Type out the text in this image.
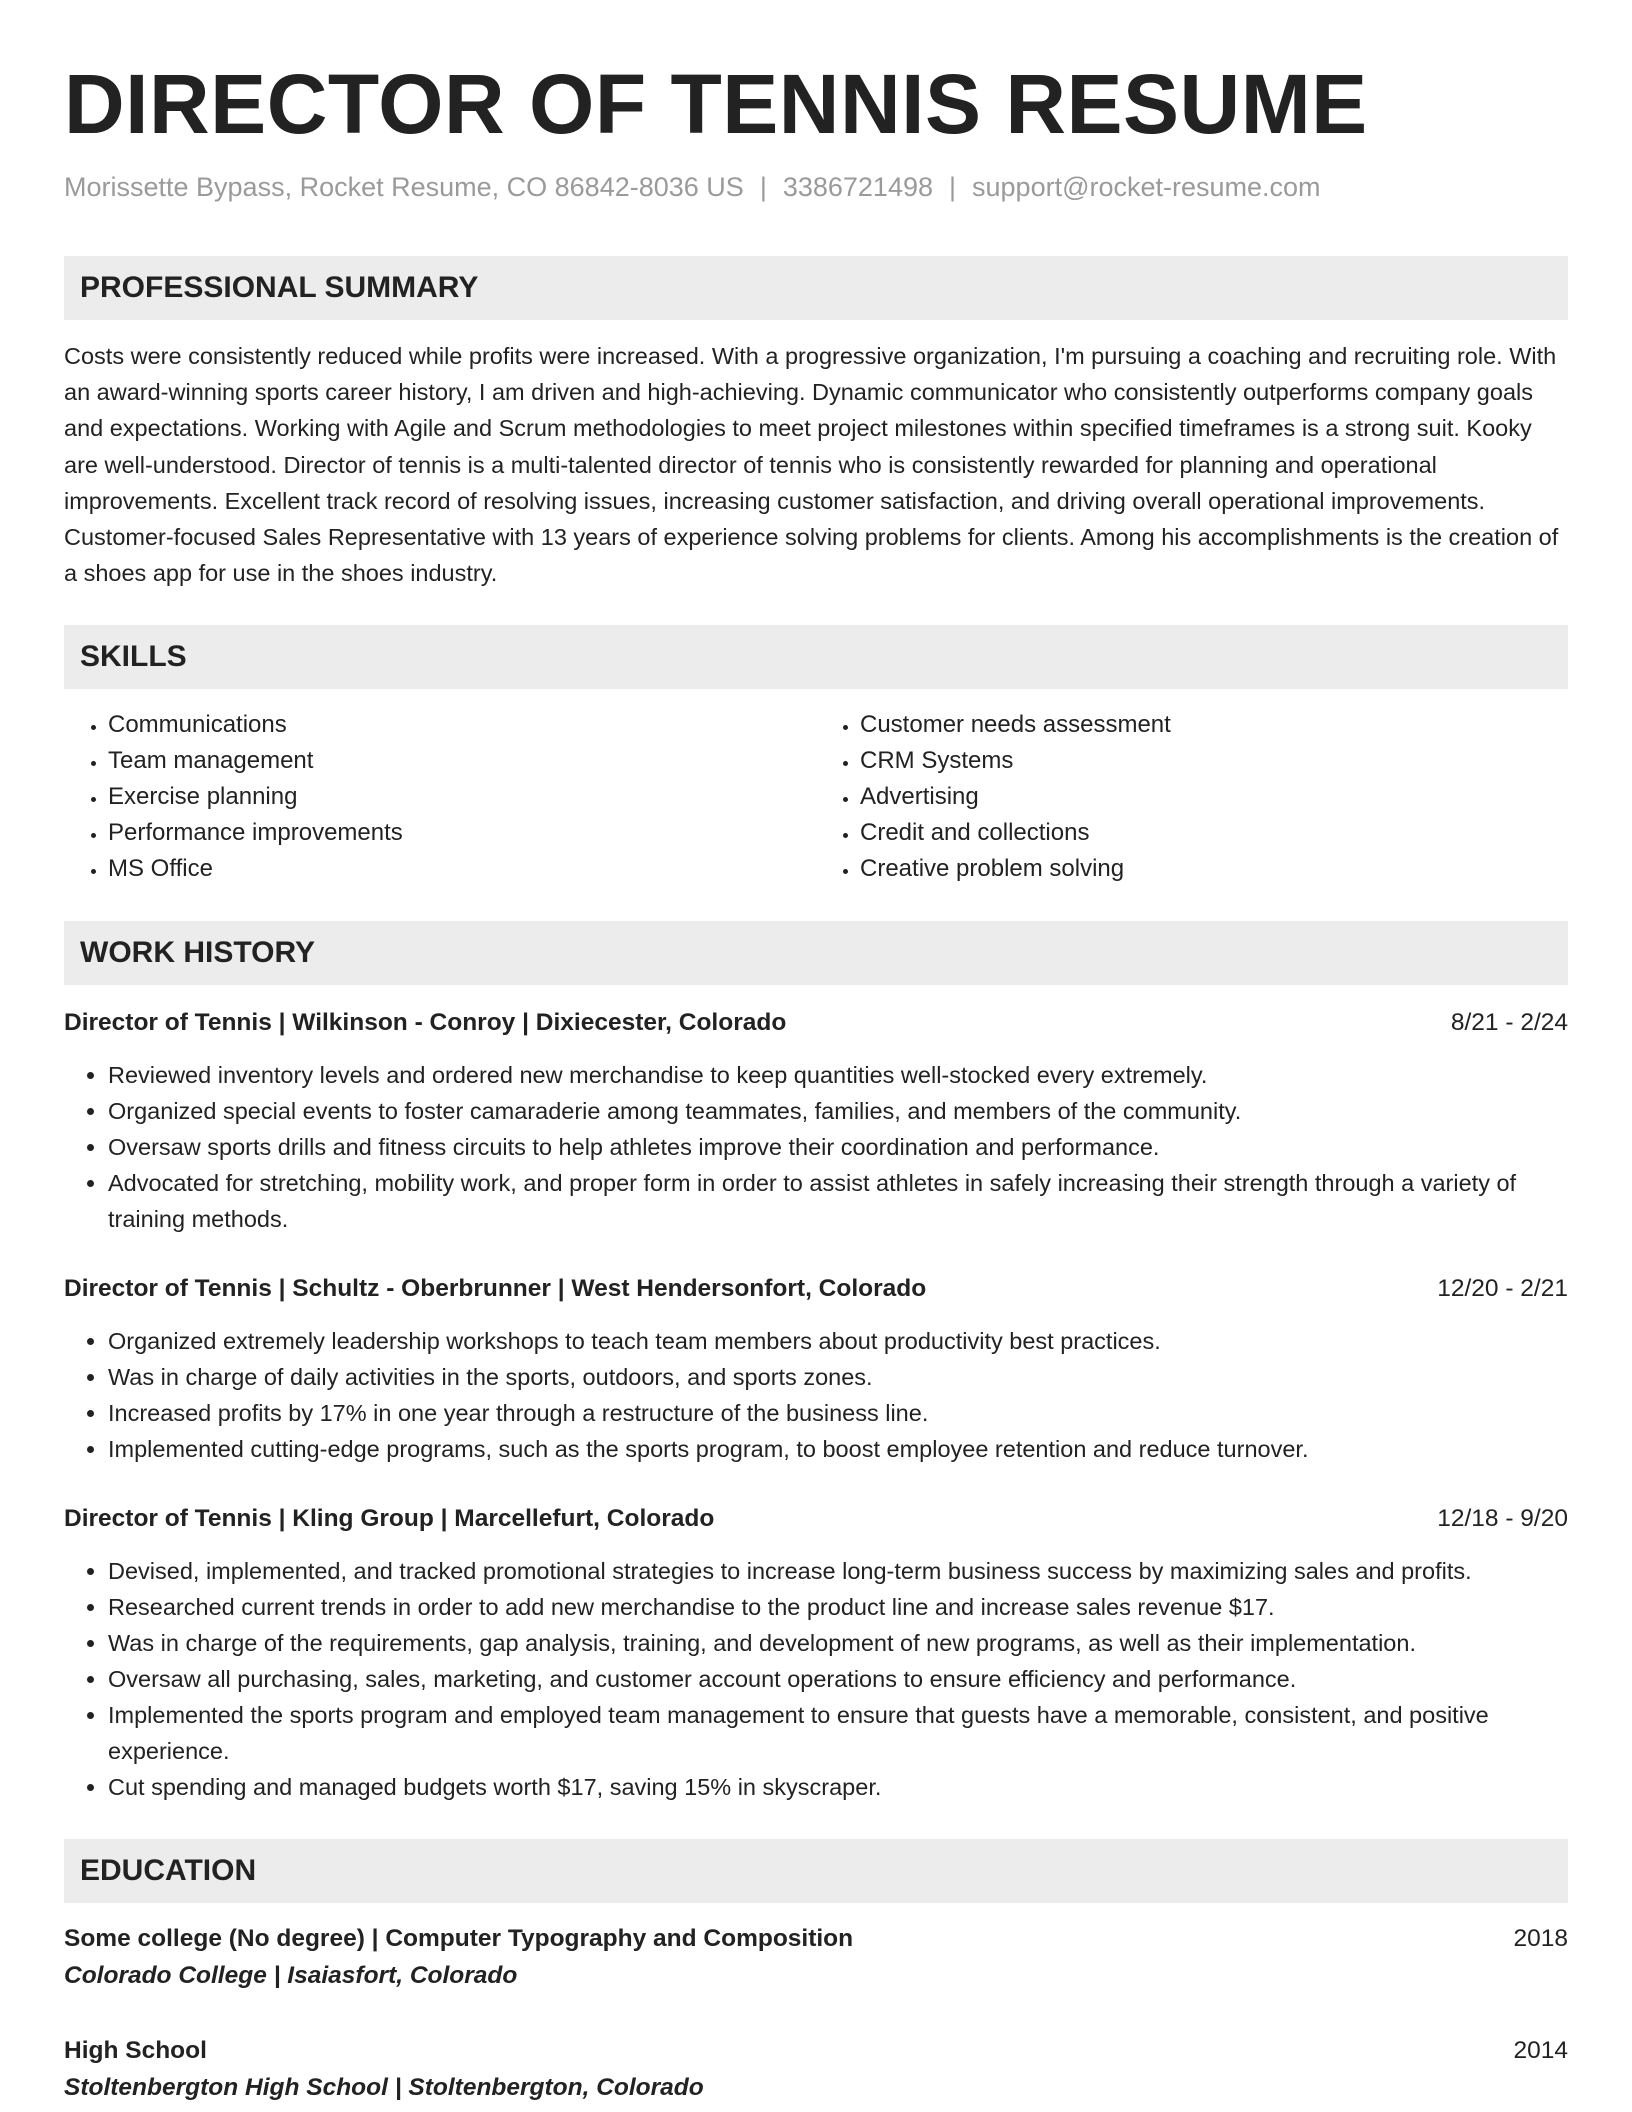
DIRECTOR OF TENNIS RESUME
Morissette Bypass, Rocket Resume, CO 86842-8036 US | 3386721498 | support@rocket-resume.com
PROFESSIONAL SUMMARY

Costs were consistently reduced while profits were increased. With a progressive organization, I'm pursuing a coaching and recruiting role. With an award-winning sports career history, I am driven and high-achieving. Dynamic communicator who consistently outperforms company goals and expectations. Working with Agile and Scrum methodologies to meet project milestones within specified timeframes is a strong suit. Kooky are well-understood. Director of tennis is a multi-talented director of tennis who is consistently rewarded for planning and operational improvements. Excellent track record of resolving issues, increasing customer satisfaction, and driving overall operational improvements. Customer-focused Sales Representative with 13 years of experience solving problems for clients. Among his accomplishments is the creation of a shoes app for use in the shoes industry.

SKILLS
• Communications
• Team management
• Exercise planning
• Performance improvements
• MS Office
• Customer needs assessment
• CRM Systems
• Advertising
• Credit and collections
• Creative problem solving
WORK HISTORY
Director of Tennis | Wilkinson - Conroy | Dixiecester, Colorado	8/21 - 2/24
• Reviewed inventory levels and ordered new merchandise to keep quantities well-stocked every extremely.
• Organized special events to foster camaraderie among teammates, families, and members of the community.
• Oversaw sports drills and fitness circuits to help athletes improve their coordination and performance.
• Advocated for stretching, mobility work, and proper form in order to assist athletes in safely increasing their strength through a variety of training methods.
Director of Tennis | Schultz - Oberbrunner | West Hendersonfort, Colorado	12/20 - 2/21
• Organized extremely leadership workshops to teach team members about productivity best practices.
• Was in charge of daily activities in the sports, outdoors, and sports zones.
• Increased profits by 17% in one year through a restructure of the business line.
• Implemented cutting-edge programs, such as the sports program, to boost employee retention and reduce turnover.
Director of Tennis | Kling Group | Marcellefurt, Colorado	12/18 - 9/20
• Devised, implemented, and tracked promotional strategies to increase long-term business success by maximizing sales and profits.
• Researched current trends in order to add new merchandise to the product line and increase sales revenue $17.
• Was in charge of the requirements, gap analysis, training, and development of new programs, as well as their implementation.
• Oversaw all purchasing, sales, marketing, and customer account operations to ensure efficiency and performance.
• Implemented the sports program and employed team management to ensure that guests have a memorable, consistent, and positive experience.
• Cut spending and managed budgets worth $17, saving 15% in skyscraper.
EDUCATION
Some college (No degree) | Computer Typography and Composition	2018
Colorado College | Isaiasfort, Colorado
High School	2014
Stoltenbergton High School | Stoltenbergton, Colorado
